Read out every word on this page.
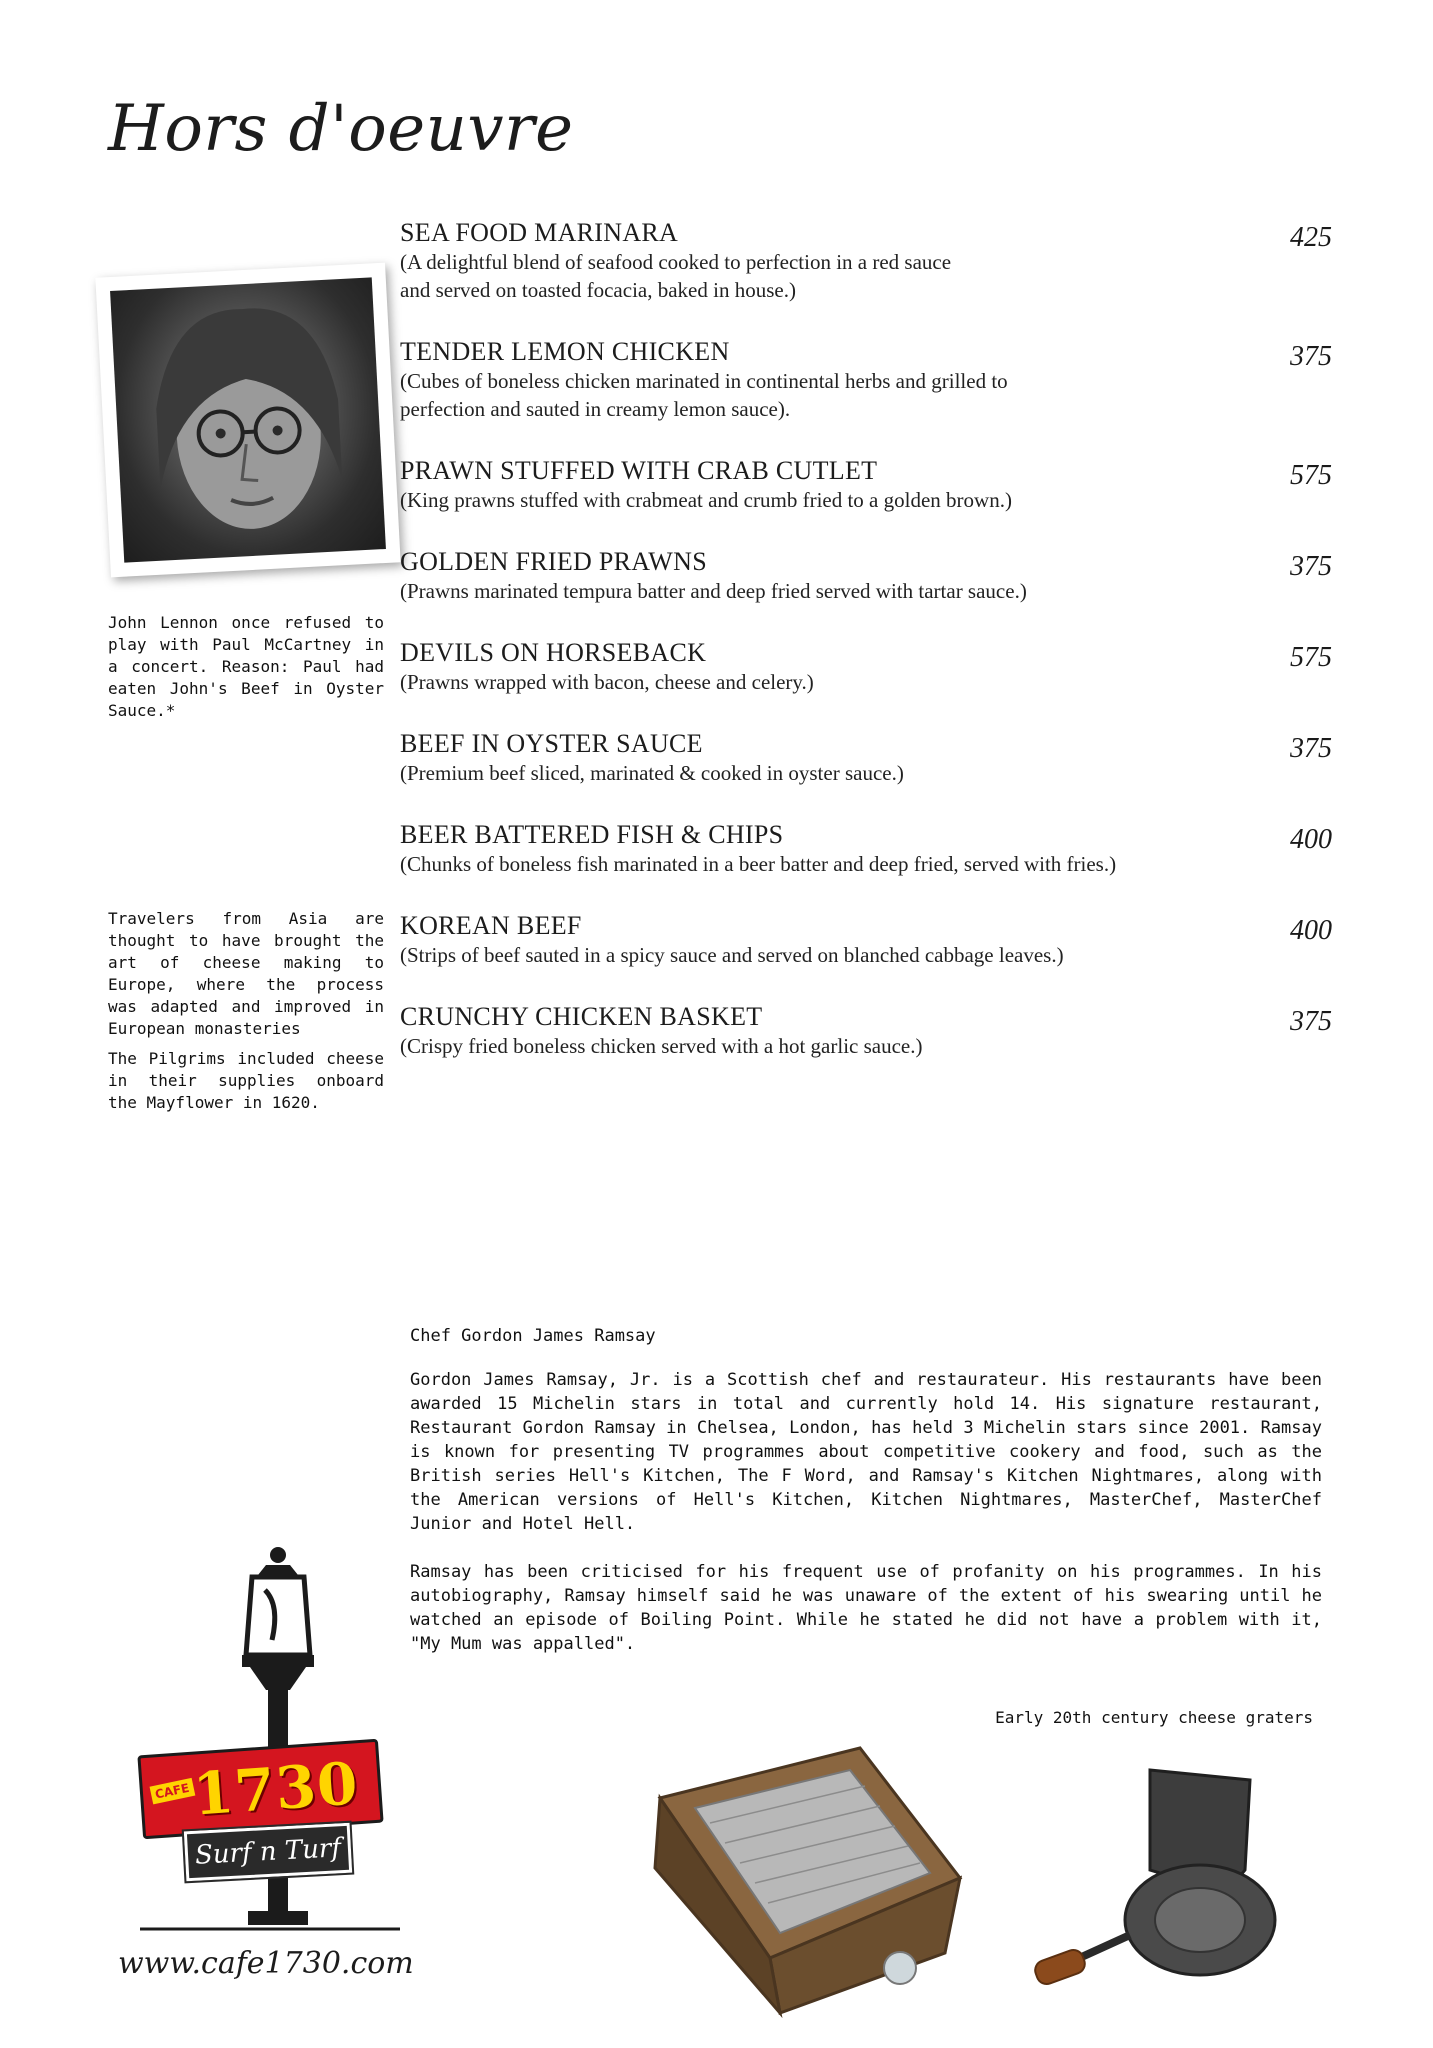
Hors d'oeuvre
John Lennon once refused to play with Paul McCartney in a concert. Reason: Paul had eaten John's Beef in Oyster Sauce.*
Travelers from Asia are thought to have brought the art of cheese making to Europe, where the process was adapted and improved in European monasteries
The Pilgrims included cheese in their supplies onboard the Mayflower in 1620.
SEA FOOD MARINARA	425
(A delightful blend of seafood cooked to perfection in a red sauce
and served on toasted focacia, baked in house.)
TENDER LEMON CHICKEN	375
(Cubes of boneless chicken marinated in continental herbs and grilled to
perfection and sauted in creamy lemon sauce).
PRAWN STUFFED WITH CRAB CUTLET	575
(King prawns stuffed with crabmeat and crumb fried to a golden brown.)
GOLDEN FRIED PRAWNS	375
(Prawns marinated tempura batter and deep fried served with tartar sauce.)
DEVILS ON HORSEBACK	575
(Prawns wrapped with bacon, cheese and celery.)
BEEF IN OYSTER SAUCE	375
(Premium beef sliced, marinated & cooked in oyster sauce.)
BEER BATTERED FISH & CHIPS	400
(Chunks of boneless fish marinated in a beer batter and deep fried, served with fries.)
KOREAN BEEF	400
(Strips of beef sauted in a spicy sauce and served on blanched cabbage leaves.)
CRUNCHY CHICKEN BASKET	375
(Crispy fried boneless chicken served with a hot garlic sauce.)
Chef Gordon James Ramsay

Gordon James Ramsay, Jr. is a Scottish chef and restaurateur. His restaurants have been awarded 15 Michelin stars in total and currently hold 14. His signature restaurant, Restaurant Gordon Ramsay in Chelsea, London, has held 3 Michelin stars since 2001. Ramsay is known for presenting TV programmes about competitive cookery and food, such as the British series Hell's Kitchen, The F Word, and Ramsay's Kitchen Nightmares, along with the American versions of Hell's Kitchen, Kitchen Nightmares, MasterChef, MasterChef Junior and Hotel Hell.

Ramsay has been criticised for his frequent use of profanity on his programmes. In his autobiography, Ramsay himself said he was unaware of the extent of his swearing until he watched an episode of Boiling Point. While he stated he did not have a problem with it, "My Mum was appalled".

Early 20th century cheese graters
CAFE 1730
Surf n Turf
www.cafe1730.com
